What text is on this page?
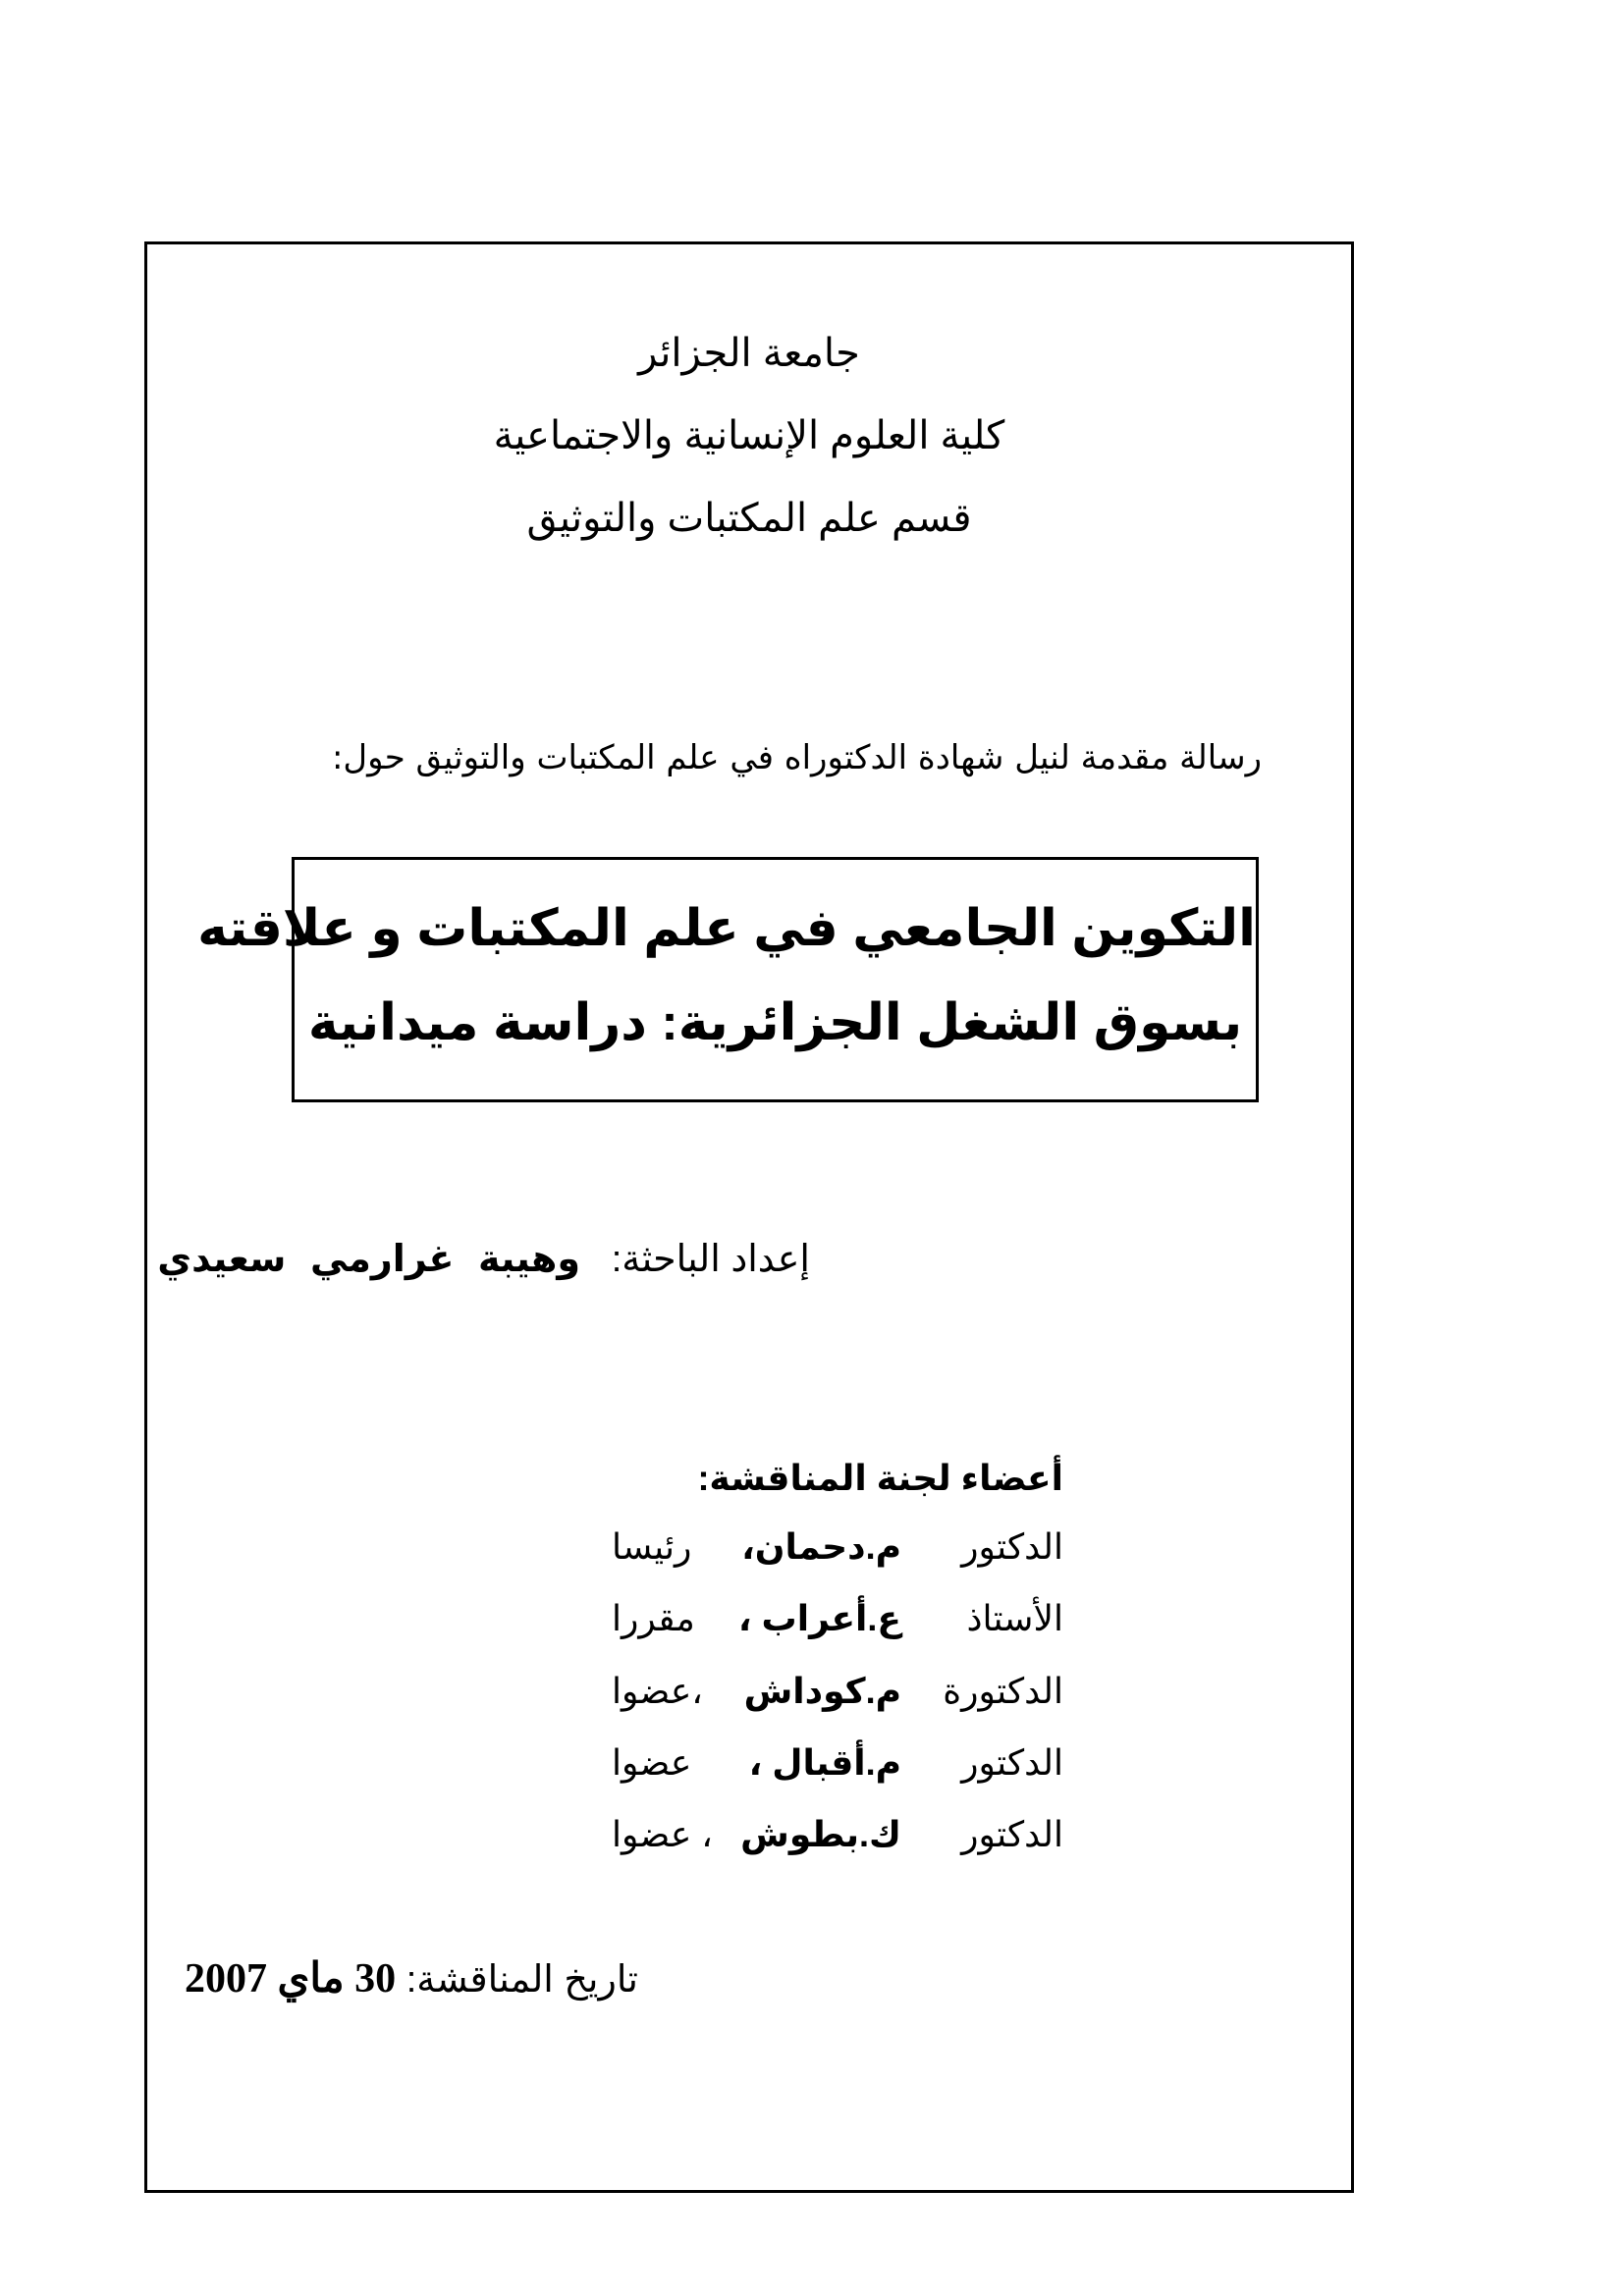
جامعة الجزائر
كلية العلوم الإنسانية والاجتماعية
قسم علم المكتبات والتوثيق
رسالة مقدمة لنيل شهادة الدكتوراه في علم المكتبات والتوثيق حول:
التكوين الجامعي في علم المكتبات و علاقته
بسوق الشغل الجزائرية: دراسة ميدانية
إعداد الباحثة:   وهيبة غرارمي سعيدي
أعضاء لجنة المناقشة:
الدكتور
م.دحمان،
رئيسا
الأستاذ
ع.أعراب ،
مقررا
الدكتورة
م.كوداش
،عضوا
الدكتور
م.أقبال ،
عضوا
الدكتور
ك.بطوش
، عضوا
تاريخ المناقشة: 30 ماي 2007
